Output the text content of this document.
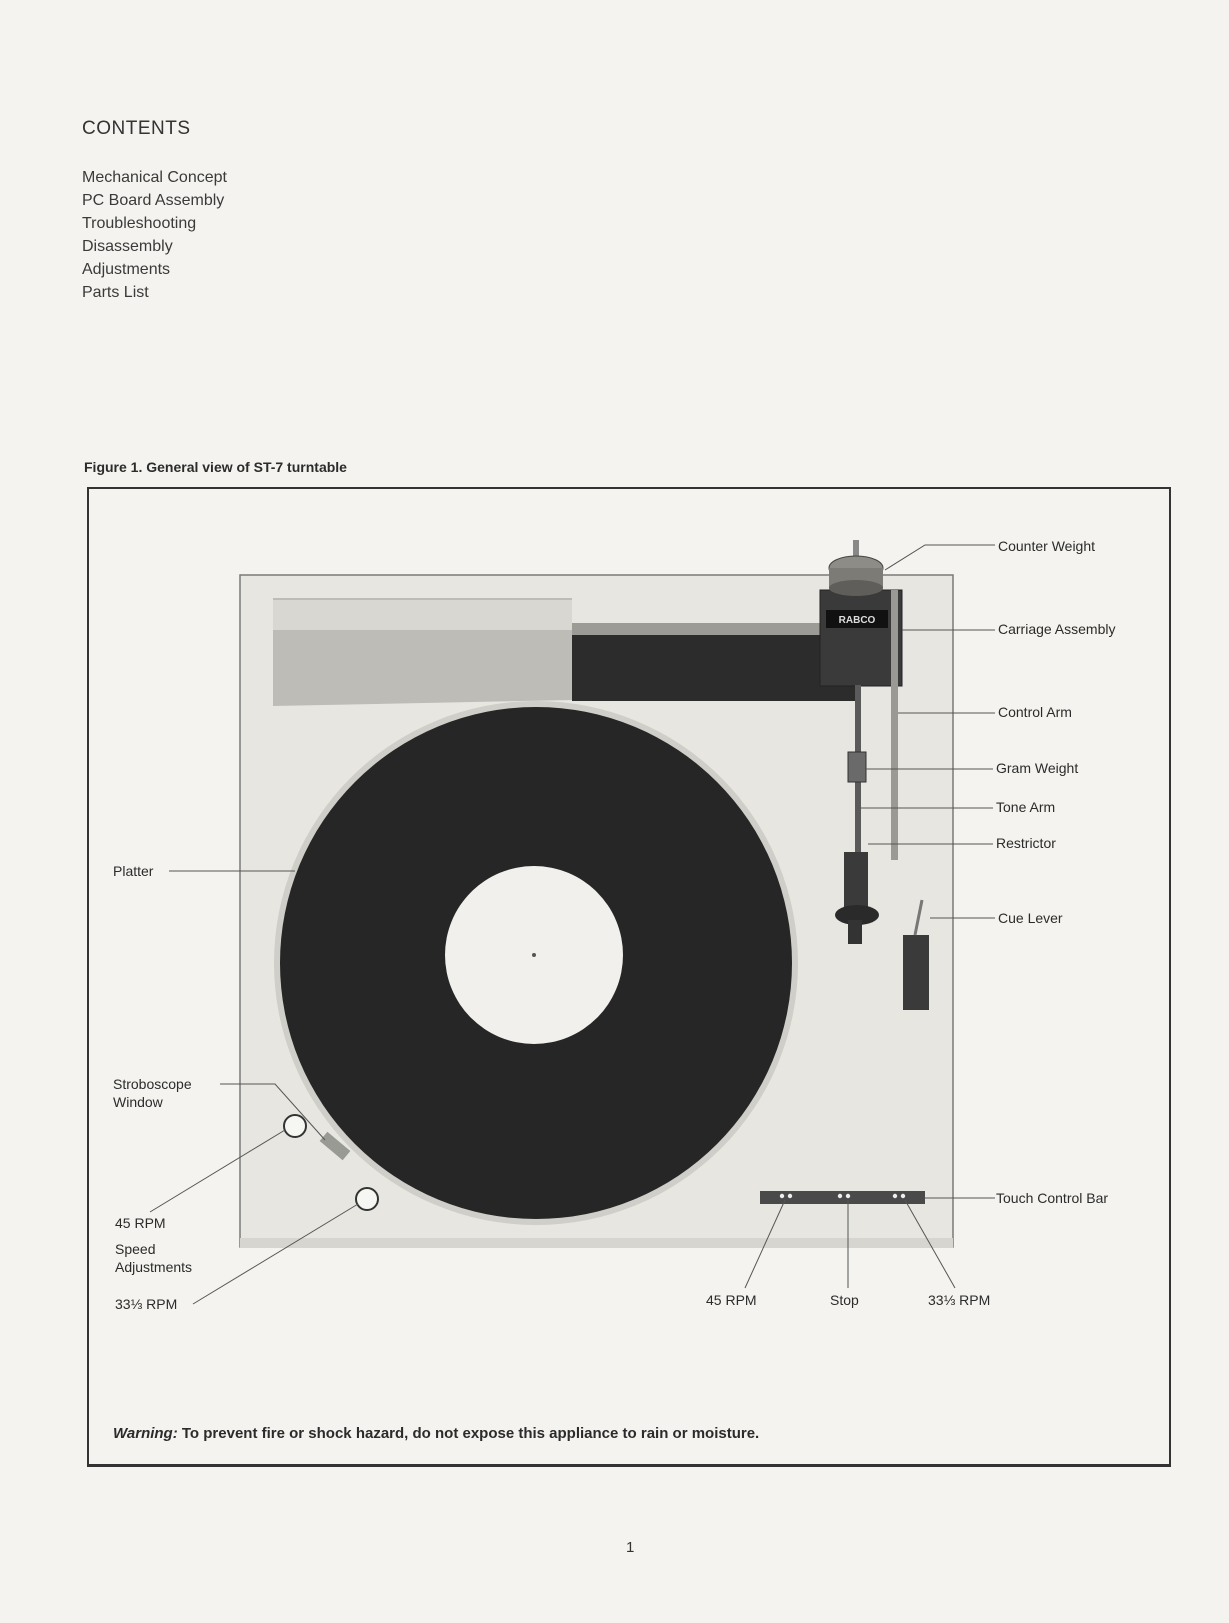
CONTENTS
Mechanical Concept
PC Board Assembly
Troubleshooting
Disassembly
Adjustments
Parts List
Figure 1. General view of ST-7 turntable
RABCO
Counter Weight
Carriage Assembly
Control Arm
Gram Weight
Tone Arm
Restrictor
Cue Lever
Touch Control Bar
Platter
Stroboscope
Window
45 RPM
Speed
Adjustments
33⅓ RPM	45 RPM	Stop	33⅓ RPM
Warning: To prevent fire or shock hazard, do not expose this appliance to rain or moisture.
1
